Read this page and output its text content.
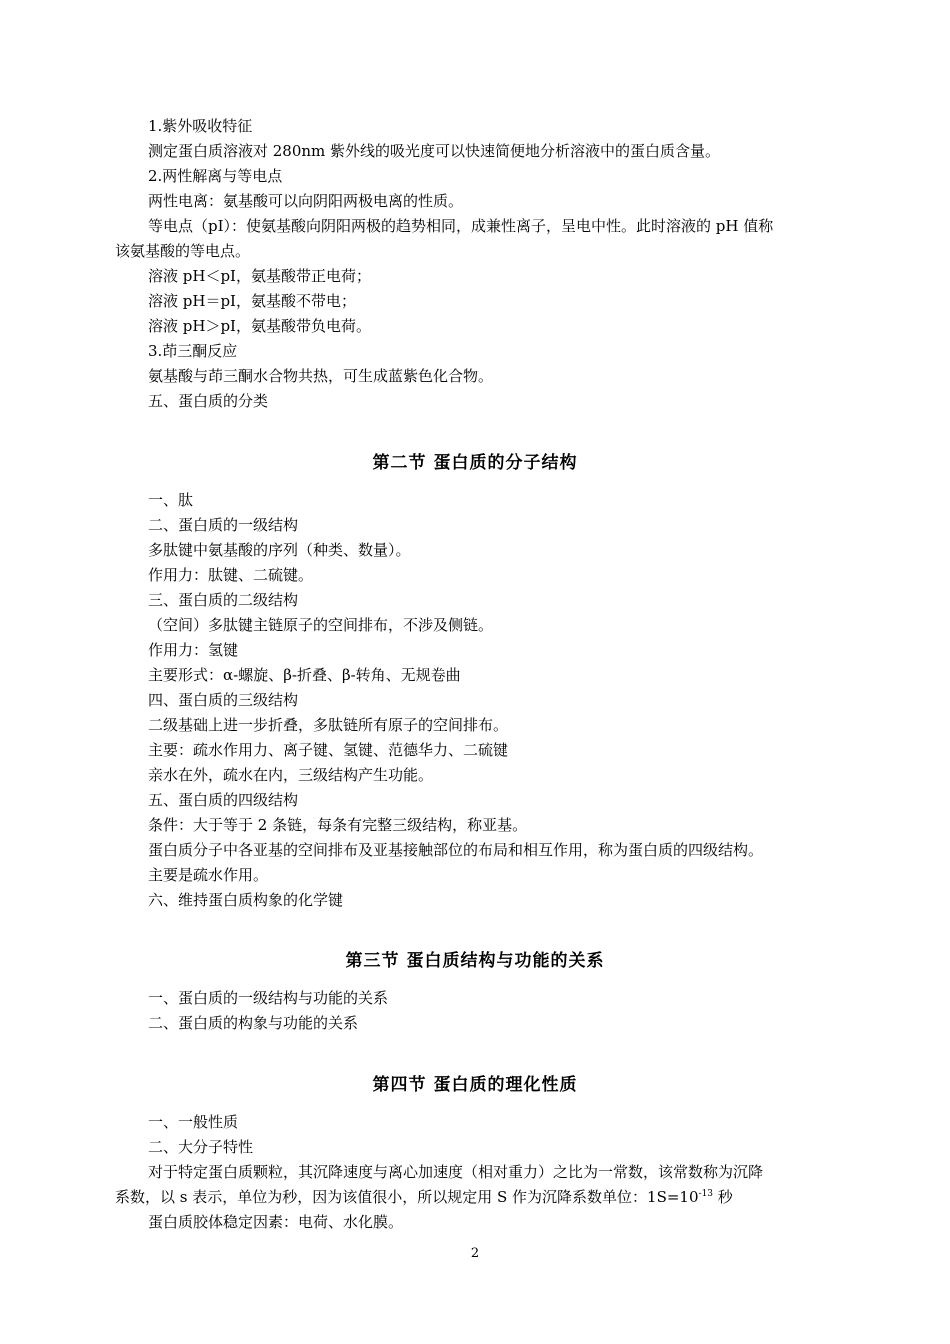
1.紫外吸收特征
测定蛋白质溶液对 280nm 紫外线的吸光度可以快速简便地分析溶液中的蛋白质含量。
2.两性解离与等电点
两性电离：氨基酸可以向阴阳两极电离的性质。
等电点（pI）：使氨基酸向阴阳两极的趋势相同，成兼性离子，呈电中性。此时溶液的 pH 值称
该氨基酸的等电点。
溶液 pH＜pI，氨基酸带正电荷；
溶液 pH＝pI，氨基酸不带电；
溶液 pH＞pI，氨基酸带负电荷。
3.茚三酮反应
氨基酸与茚三酮水合物共热，可生成蓝紫色化合物。
五、蛋白质的分类
第二节 蛋白质的分子结构
一、肽
二、蛋白质的一级结构
多肽键中氨基酸的序列（种类、数量）。
作用力：肽键、二硫键。
三、蛋白质的二级结构
（空间）多肽键主链原子的空间排布，不涉及侧链。
作用力：氢键
主要形式：α-螺旋、β-折叠、β-转角、无规卷曲
四、蛋白质的三级结构
二级基础上进一步折叠，多肽链所有原子的空间排布。
主要：疏水作用力、离子键、氢键、范德华力、二硫键
亲水在外，疏水在内，三级结构产生功能。
五、蛋白质的四级结构
条件：大于等于 2 条链，每条有完整三级结构，称亚基。
蛋白质分子中各亚基的空间排布及亚基接触部位的布局和相互作用，称为蛋白质的四级结构。
主要是疏水作用。
六、维持蛋白质构象的化学键
第三节 蛋白质结构与功能的关系
一、蛋白质的一级结构与功能的关系
二、蛋白质的构象与功能的关系
第四节 蛋白质的理化性质
一、一般性质
二、大分子特性
对于特定蛋白质颗粒，其沉降速度与离心加速度（相对重力）之比为一常数，该常数称为沉降
系数，以 s 表示，单位为秒，因为该值很小，所以规定用 S 作为沉降系数单位：$1S=10^{-13}$ 秒
蛋白质胶体稳定因素：电荷、水化膜。
2
